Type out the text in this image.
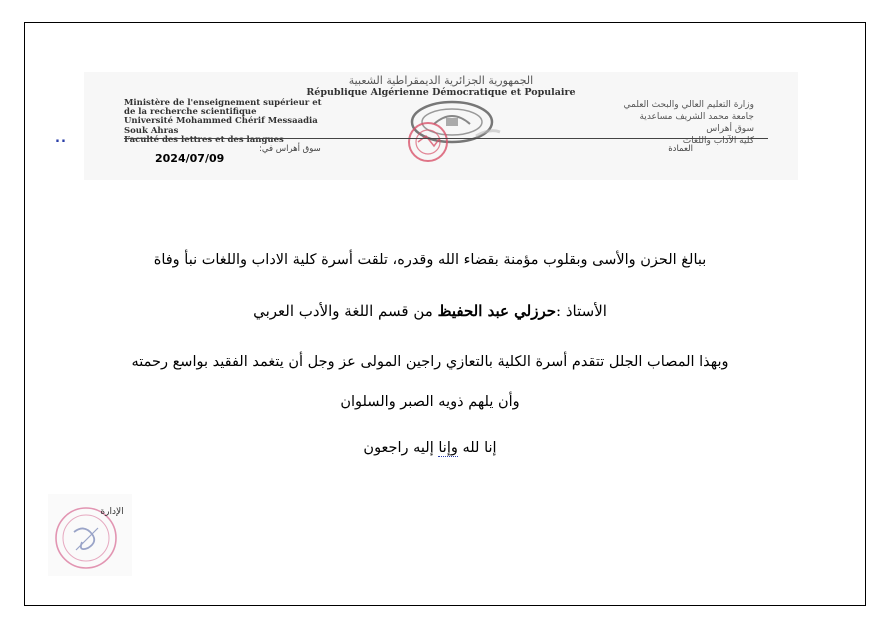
الجمهورية الجزائرية الديمقراطية الشعبية
République Algérienne Démocratique et Populaire
Ministère de l'enseignement supérieur et
de la recherche scientifique
Université Mohammed Chérif Messaadia
Souk Ahras
Faculté des lettres et des langues
وزارة التعليم العالي والبحث العلمي
جامعة محمد الشريف مساعدية
سوق أهراس
كلية الآداب واللغات
سوق أهراس في:	العمادة
..
2024/07/09
ببالغ الحزن والأسى وبقلوب مؤمنة بقضاء الله وقدره، تلقت أسرة كلية الاداب واللغات نبأ وفاة
الأستاذ :حرزلي عبد الحفيظ من قسم اللغة والأدب العربي
وبهذا المصاب الجلل تتقدم أسرة الكلية بالتعازي راجين المولى عز وجل أن يتغمد الفقيد بواسع رحمته
وأن يلهم ذويه الصبر والسلوان
إنا لله وإنا إليه راجعون
الإدارة
